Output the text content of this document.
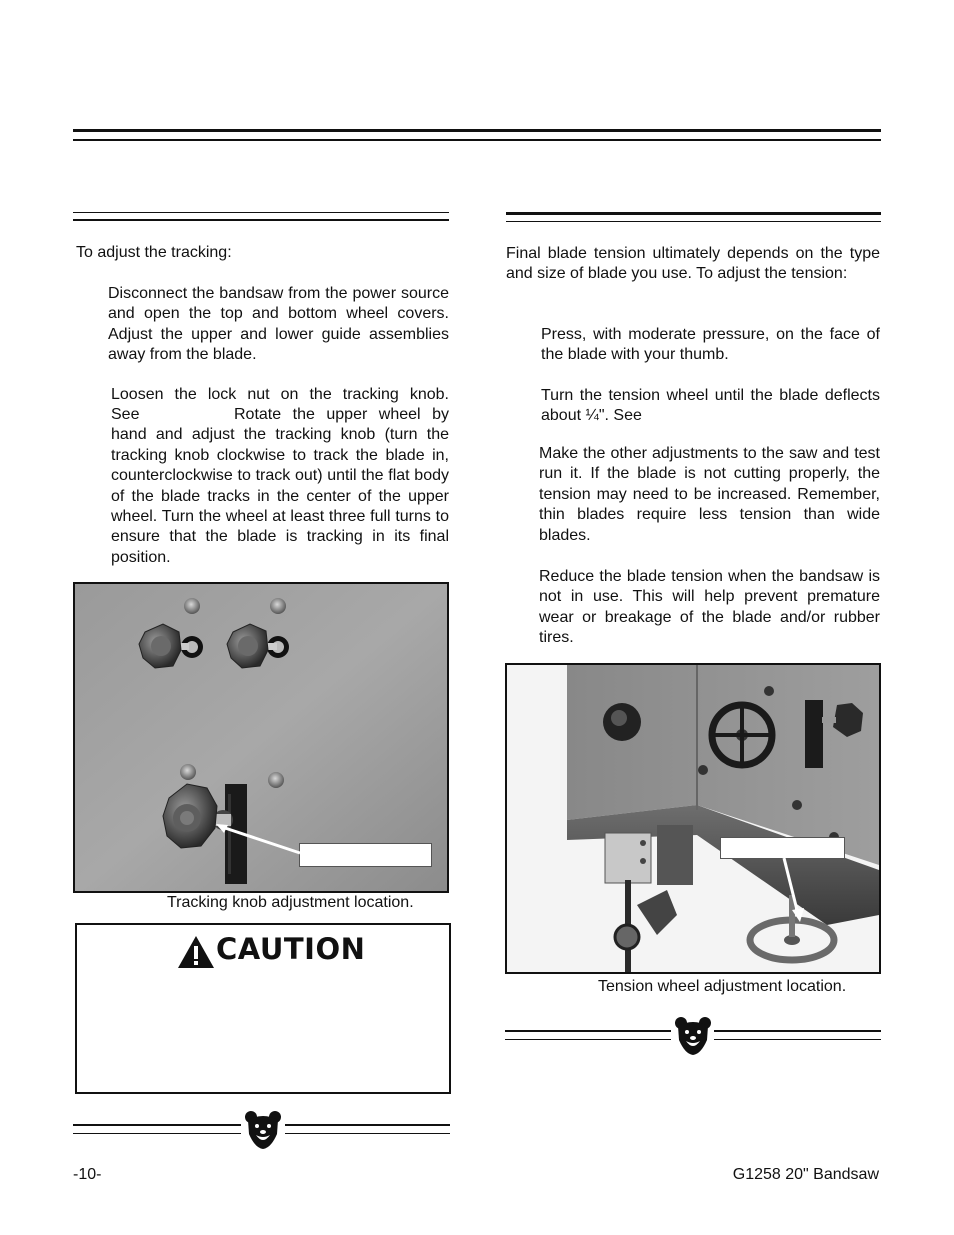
To adjust the tracking:
Disconnect the bandsaw from the power source and open the top and bottom wheel covers. Adjust the upper and lower guide assemblies away from the blade.
Loosen the lock nut on the tracking knob.
See	Rotate the upper wheel by hand and adjust the tracking knob (turn the tracking knob clockwise to track the blade in, counterclockwise to track out) until the flat body of the blade tracks in the center of the upper wheel. Turn the wheel at least three full turns to ensure that the blade is tracking in its final position.
Tracking knob adjustment location.
CAUTION
Final blade tension ultimately depends on the type and size of blade you use. To adjust the tension:
Press, with moderate pressure, on the face of the blade with your thumb.
Turn the tension wheel until the blade deflects about ¼". See
Make the other adjustments to the saw and test run it. If the blade is not cutting properly, the tension may need to be increased. Remember, thin blades require less tension than wide blades.
Reduce the blade tension when the bandsaw is not in use. This will help prevent premature wear or breakage of the blade and/or rubber tires.
Tension wheel adjustment location.
-10-	G1258 20" Bandsaw
